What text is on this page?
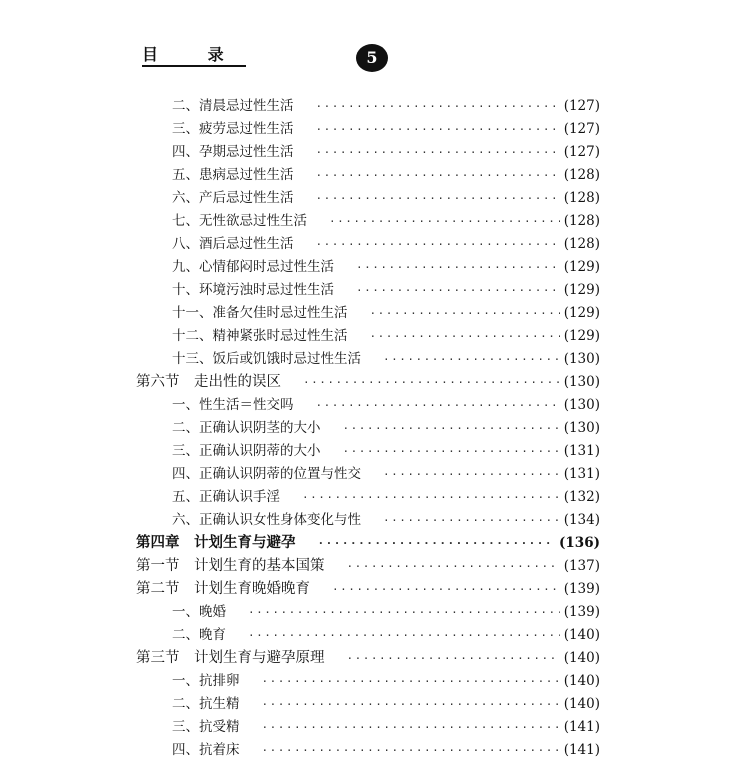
目 录	5
二、清晨忌过性生活 ·····	(127)
三、疲劳忌过性生活 ·····	(127)
四、孕期忌过性生活 ·····	(127)
五、患病忌过性生活 ·····	(128)
六、产后忌过性生活 ·····	(128)
七、无性欲忌过性生活 ·····	(128)
八、酒后忌过性生活 ·····	(128)
九、心情郁闷时忌过性生活 ·····	(129)
十、环境污浊时忌过性生活 ·····	(129)
十一、准备欠佳时忌过性生活 ·····	(129)
十二、精神紧张时忌过性生活 ·····	(129)
十三、饭后或饥饿时忌过性生活 ·····	(130)
第六节　走出性的误区 ·····	(130)
一、性生活＝性交吗 ·····	(130)
二、正确认识阴茎的大小 ·····	(130)
三、正确认识阴蒂的大小 ·····	(131)
四、正确认识阴蒂的位置与性交 ·····	(131)
五、正确认识手淫 ·····	(132)
六、正确认识女性身体变化与性 ·····	(134)
第四章　计划生育与避孕 ·····	(136)
第一节　计划生育的基本国策 ·····	(137)
第二节　计划生育晚婚晚育 ·····	(139)
一、晚婚 ·····	(139)
二、晚育 ·····	(140)
第三节　计划生育与避孕原理 ·····	(140)
一、抗排卵 ·····	(140)
二、抗生精 ·····	(140)
三、抗受精 ·····	(141)
四、抗着床 ·····	(141)
